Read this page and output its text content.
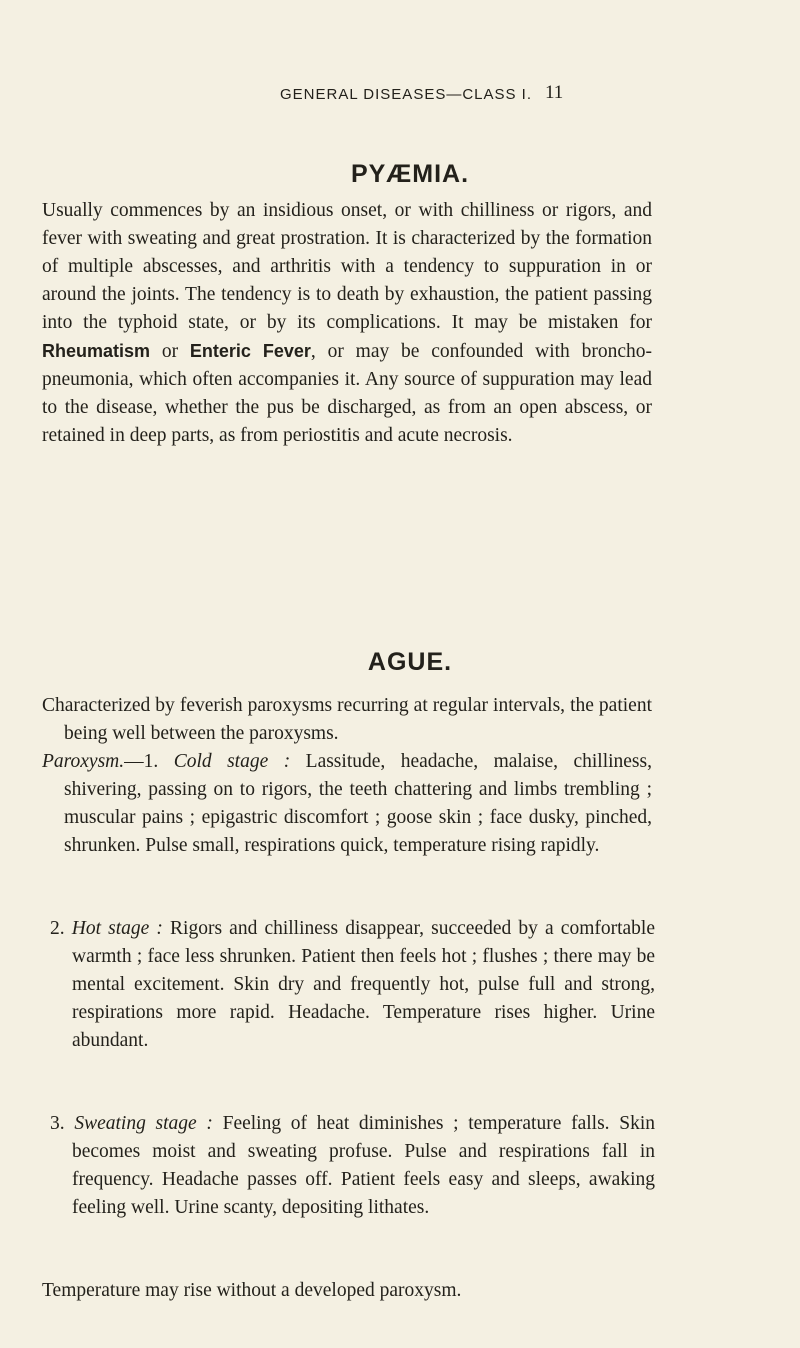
GENERAL DISEASES—CLASS I. 11
PYÆMIA.
Usually commences by an insidious onset, or with chilliness or rigors, and fever with sweating and great prostration. It is characterized by the formation of multiple abscesses, and arthritis with a tendency to suppuration in or around the joints. The tendency is to death by exhaustion, the patient passing into the typhoid state, or by its complications. It may be mistaken for Rheumatism or Enteric Fever, or may be confounded with broncho-pneumonia, which often accompanies it. Any source of suppuration may lead to the disease, whether the pus be discharged, as from an open abscess, or retained in deep parts, as from periostitis and acute necrosis.
AGUE.
Characterized by feverish paroxysms recurring at regular intervals, the patient being well between the paroxysms.
Paroxysm.—1. Cold stage : Lassitude, headache, malaise, chilliness, shivering, passing on to rigors, the teeth chattering and limbs trembling ; muscular pains ; epigastric discomfort ; goose skin ; face dusky, pinched, shrunken. Pulse small, respirations quick, temperature rising rapidly.
2. Hot stage : Rigors and chilliness disappear, succeeded by a comfortable warmth ; face less shrunken. Patient then feels hot ; flushes ; there may be mental excitement. Skin dry and frequently hot, pulse full and strong, respirations more rapid. Headache. Temperature rises higher. Urine abundant.
3. Sweating stage : Feeling of heat diminishes ; temperature falls. Skin becomes moist and sweating profuse. Pulse and respirations fall in frequency. Headache passes off. Patient feels easy and sleeps, awaking feeling well. Urine scanty, depositing lithates.
Temperature may rise without a developed paroxysm.
